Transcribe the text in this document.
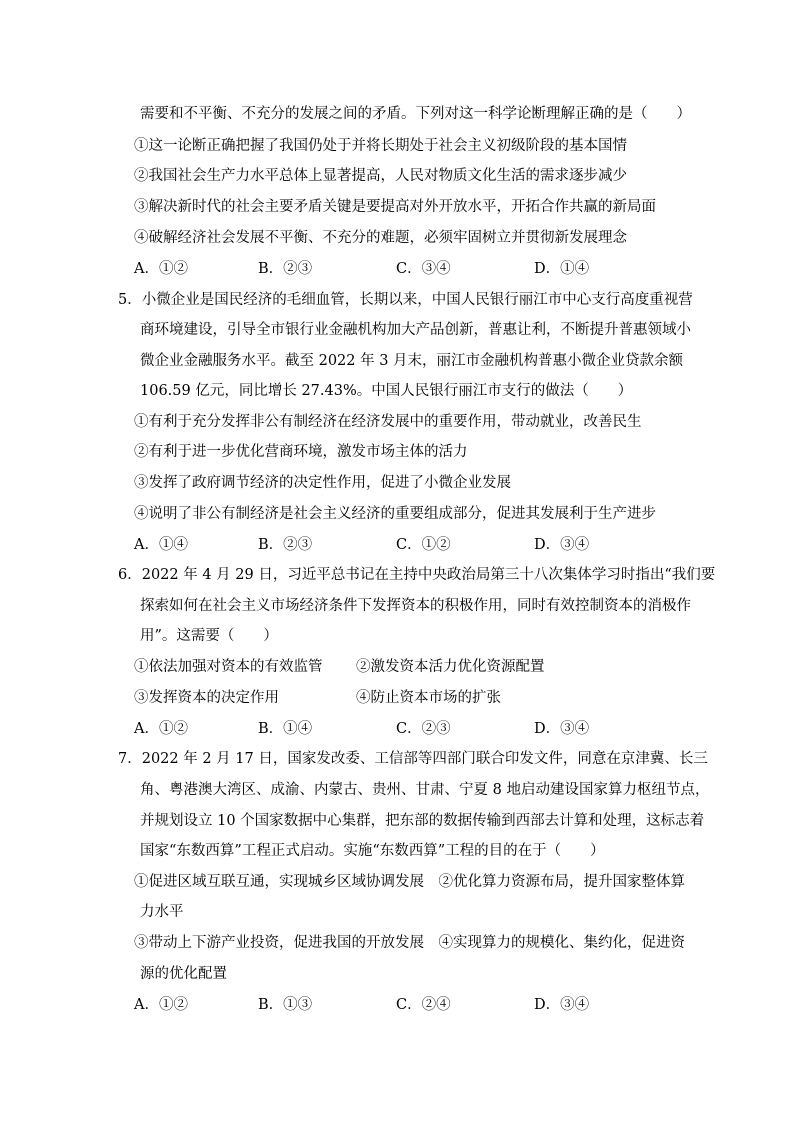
需要和不平衡、不充分的发展之间的矛盾。下列对这一科学论断理解正确的是（　　）
①这一论断正确把握了我国仍处于并将长期处于社会主义初级阶段的基本国情
②我国社会生产力水平总体上显著提高，人民对物质文化生活的需求逐步减少
③解决新时代的社会主要矛盾关键是要提高对外开放水平，开拓合作共赢的新局面
④破解经济社会发展不平衡、不充分的难题，必须牢固树立并贯彻新发展理念
A．①②	B．②③	C．③④	D．①④
5．小微企业是国民经济的毛细血管，长期以来，中国人民银行丽江市中心支行高度重视营
商环境建设，引导全市银行业金融机构加大产品创新，普惠让利，不断提升普惠领域小
微企业金融服务水平。截至 2022 年 3 月末，丽江市金融机构普惠小微企业贷款余额
106.59 亿元，同比增长 27.43%。中国人民银行丽江市支行的做法（　　）
①有利于充分发挥非公有制经济在经济发展中的重要作用，带动就业，改善民生
②有利于进一步优化营商环境，激发市场主体的活力
③发挥了政府调节经济的决定性作用，促进了小微企业发展
④说明了非公有制经济是社会主义经济的重要组成部分，促进其发展利于生产进步
A．①④	B．②③	C．①②	D．③④
6．2022 年 4 月 29 日，习近平总书记在主持中央政治局第三十八次集体学习时指出“我们要
探索如何在社会主义市场经济条件下发挥资本的积极作用，同时有效控制资本的消极作
用”。这需要（　　）
①依法加强对资本的有效监管 ②激发资本活力优化资源配置
③发挥资本的决定作用	④防止资本市场的扩张
A．①②	B．①④	C．②③	D．③④
7．2022 年 2 月 17 日，国家发改委、工信部等四部门联合印发文件，同意在京津冀、长三
角、粤港澳大湾区、成渝、内蒙古、贵州、甘肃、宁夏 8 地启动建设国家算力枢纽节点，
并规划设立 10 个国家数据中心集群，把东部的数据传输到西部去计算和处理，这标志着
国家“东数西算”工程正式启动。实施“东数西算”工程的目的在于（　　）
①促进区域互联互通，实现城乡区域协调发展　②优化算力资源布局，提升国家整体算
力水平
③带动上下游产业投资，促进我国的开放发展　④实现算力的规模化、集约化，促进资
源的优化配置
A．①②	B．①③	C．②④	D．③④
